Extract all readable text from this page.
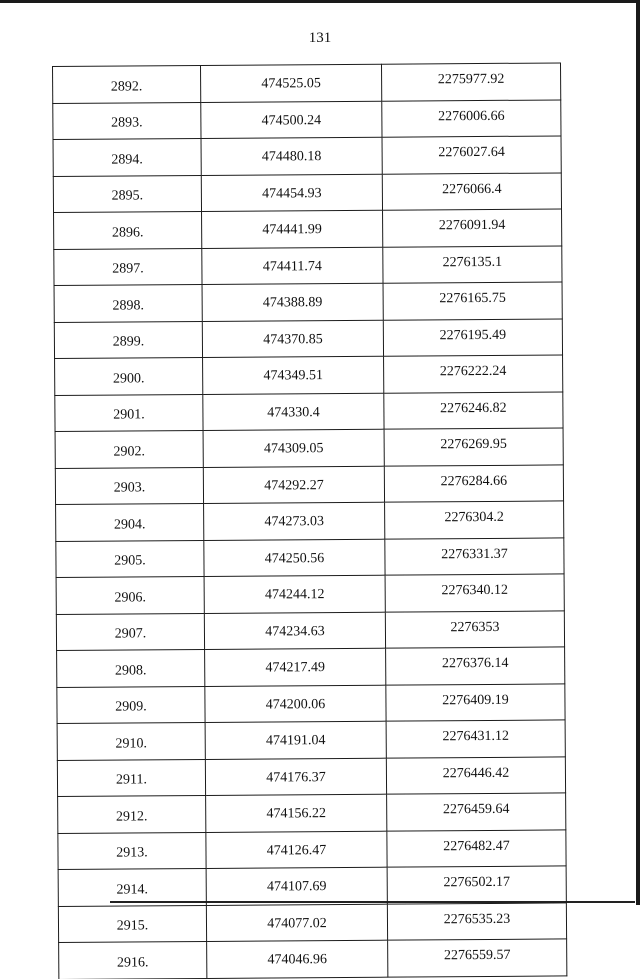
131
2892.	474525.05	2275977.92
2893.	474500.24	2276006.66
2894.	474480.18	2276027.64
2895.	474454.93	2276066.4
2896.	474441.99	2276091.94
2897.	474411.74	2276135.1
2898.	474388.89	2276165.75
2899.	474370.85	2276195.49
2900.	474349.51	2276222.24
2901.	474330.4	2276246.82
2902.	474309.05	2276269.95
2903.	474292.27	2276284.66
2904.	474273.03	2276304.2
2905.	474250.56	2276331.37
2906.	474244.12	2276340.12
2907.	474234.63	2276353
2908.	474217.49	2276376.14
2909.	474200.06	2276409.19
2910.	474191.04	2276431.12
2911.	474176.37	2276446.42
2912.	474156.22	2276459.64
2913.	474126.47	2276482.47
2914.	474107.69	2276502.17
2915.	474077.02	2276535.23
2916.	474046.96	2276559.57
